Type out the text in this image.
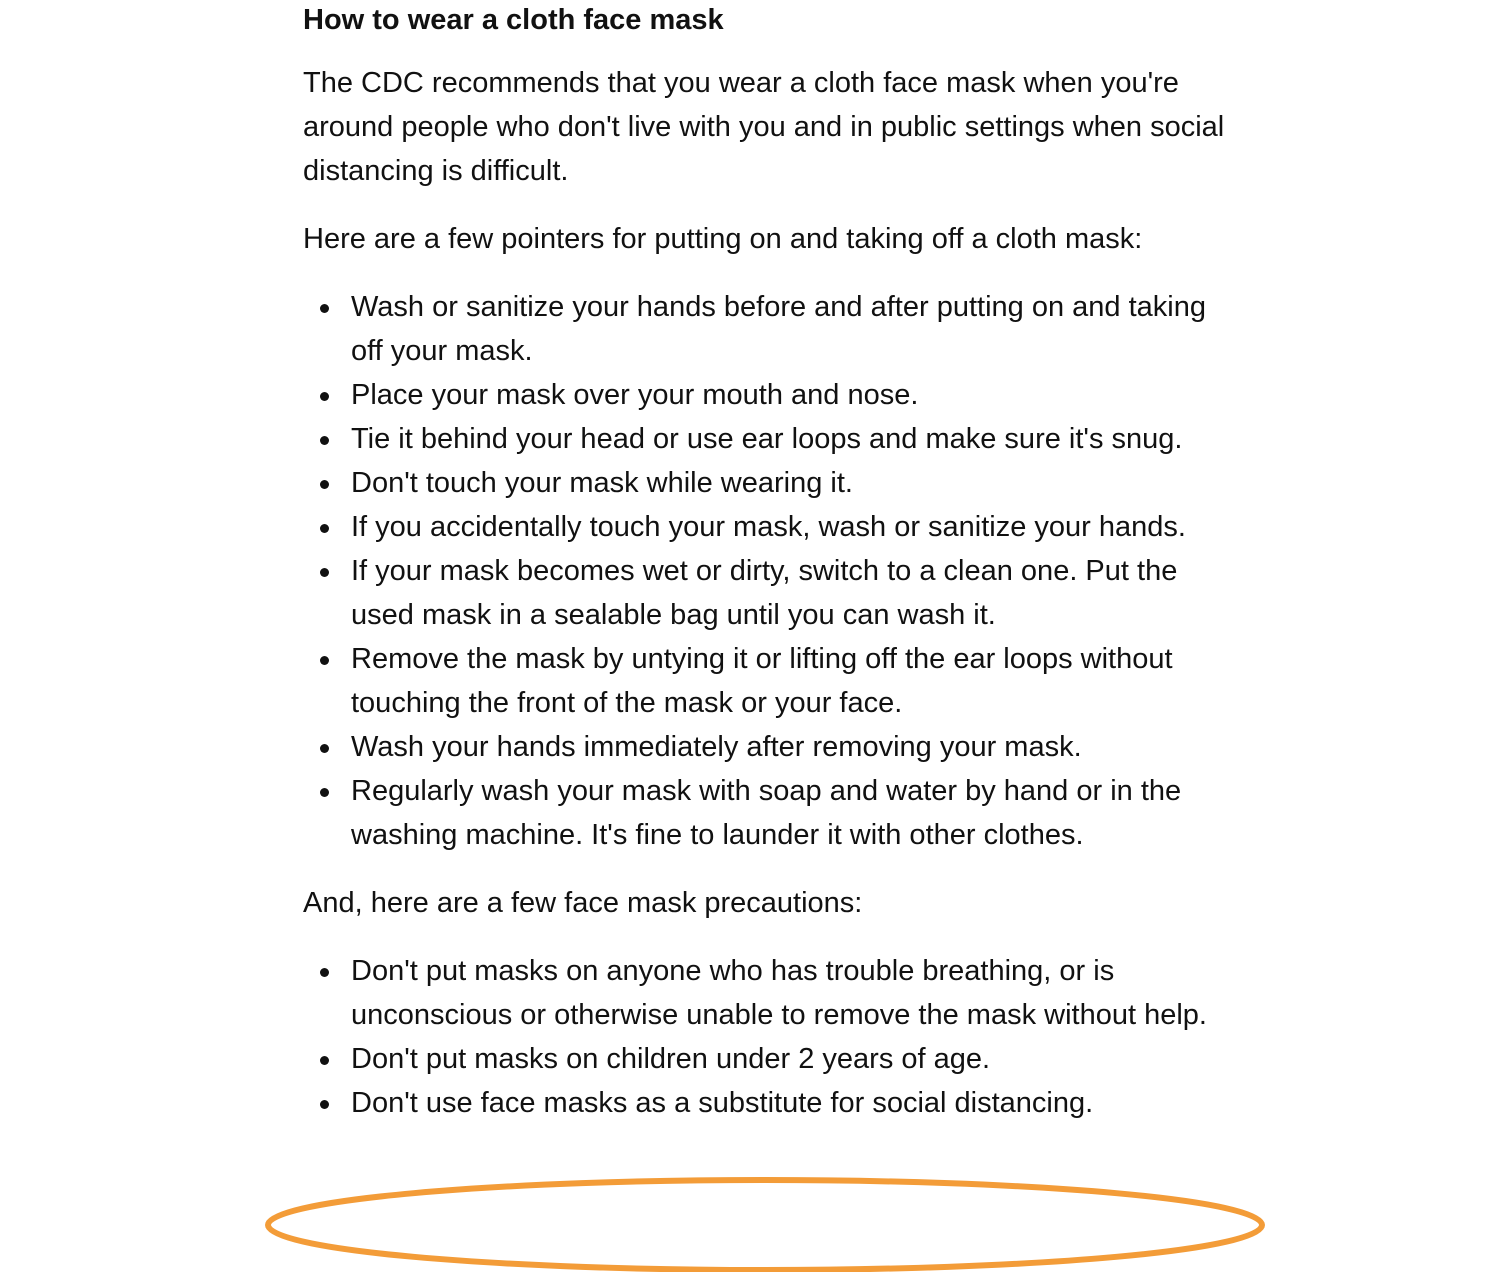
How to wear a cloth face mask

The CDC recommends that you wear a cloth face mask when you're around people who don't live with you and in public settings when social distancing is difficult.

Here are a few pointers for putting on and taking off a cloth mask:

Wash or sanitize your hands before and after putting on and taking off your mask.
Place your mask over your mouth and nose.
Tie it behind your head or use ear loops and make sure it's snug.
Don't touch your mask while wearing it.
If you accidentally touch your mask, wash or sanitize your hands.
If your mask becomes wet or dirty, switch to a clean one. Put the used mask in a sealable bag until you can wash it.
Remove the mask by untying it or lifting off the ear loops without touching the front of the mask or your face.
Wash your hands immediately after removing your mask.
Regularly wash your mask with soap and water by hand or in the washing machine. It's fine to launder it with other clothes.

And, here are a few face mask precautions:

Don't put masks on anyone who has trouble breathing, or is unconscious or otherwise unable to remove the mask without help.
Don't put masks on children under 2 years of age.
Don't use face masks as a substitute for social distancing.
